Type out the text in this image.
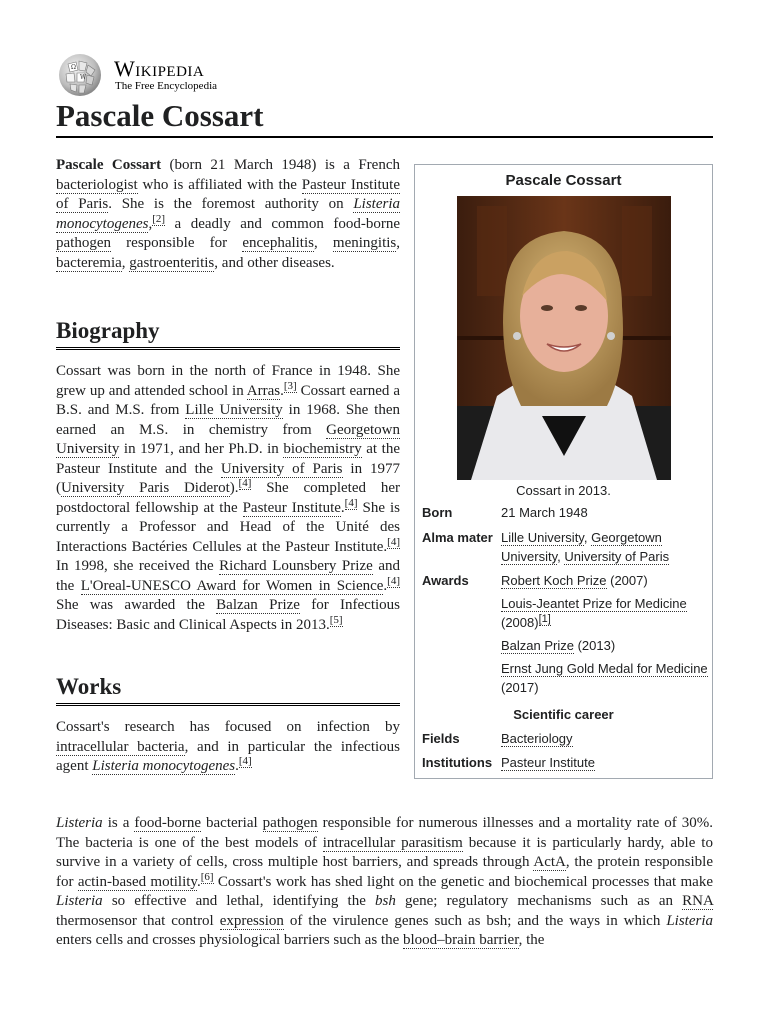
Ω
W Wikipedia
The Free Encyclopedia
Pascale Cossart

Pascale Cossart (born 21 March 1948) is a French bacteriologist who is affiliated with the Pasteur Institute of Paris. She is the foremost authority on Listeria monocytogenes,[2] a deadly and common food-borne pathogen responsible for encephalitis, meningitis, bacteremia, gastroenteritis, and other diseases.

Biography

Cossart was born in the north of France in 1948. She grew up and attended school in Arras.[3] Cossart earned a B.S. and M.S. from Lille University in 1968. She then earned an M.S. in chemistry from Georgetown University in 1971, and her Ph.D. in biochemistry at the Pasteur Institute and the University of Paris in 1977 (University Paris Diderot).[4] She completed her postdoctoral fellowship at the Pasteur Institute.[4] She is currently a Professor and Head of the Unité des Interactions Bactéries Cellules at the Pasteur Institute.[4] In 1998, she received the Richard Lounsbery Prize and the L'Oreal-UNESCO Award for Women in Science.[4] She was awarded the Balzan Prize for Infectious Diseases: Basic and Clinical Aspects in 2013.[5]

Works

Cossart's research has focused on infection by intracellular bacteria, and in particular the infectious agent Listeria monocytogenes.[4]

Pascale Cossart
Cossart in 2013.
Born	21 March 1948
Alma mater Lille University, Georgetown University, University of Paris
Awards	Robert Koch Prize (2007)
Louis-Jeantet Prize for Medicine (2008)[1]
Balzan Prize (2013)
Ernst Jung Gold Medal for Medicine (2017)
Scientific career
Fields	Bacteriology
Institutions Pasteur Institute

Listeria is a food-borne bacterial pathogen responsible for numerous illnesses and a mortality rate of 30%. The bacteria is one of the best models of intracellular parasitism because it is particularly hardy, able to survive in a variety of cells, cross multiple host barriers, and spreads through ActA, the protein responsible for actin-based motility.[6] Cossart's work has shed light on the genetic and biochemical processes that make Listeria so effective and lethal, identifying the bsh gene; regulatory mechanisms such as an RNA thermosensor that control expression of the virulence genes such as bsh; and the ways in which Listeria enters cells and crosses physiological barriers such as the blood–brain barrier, the
